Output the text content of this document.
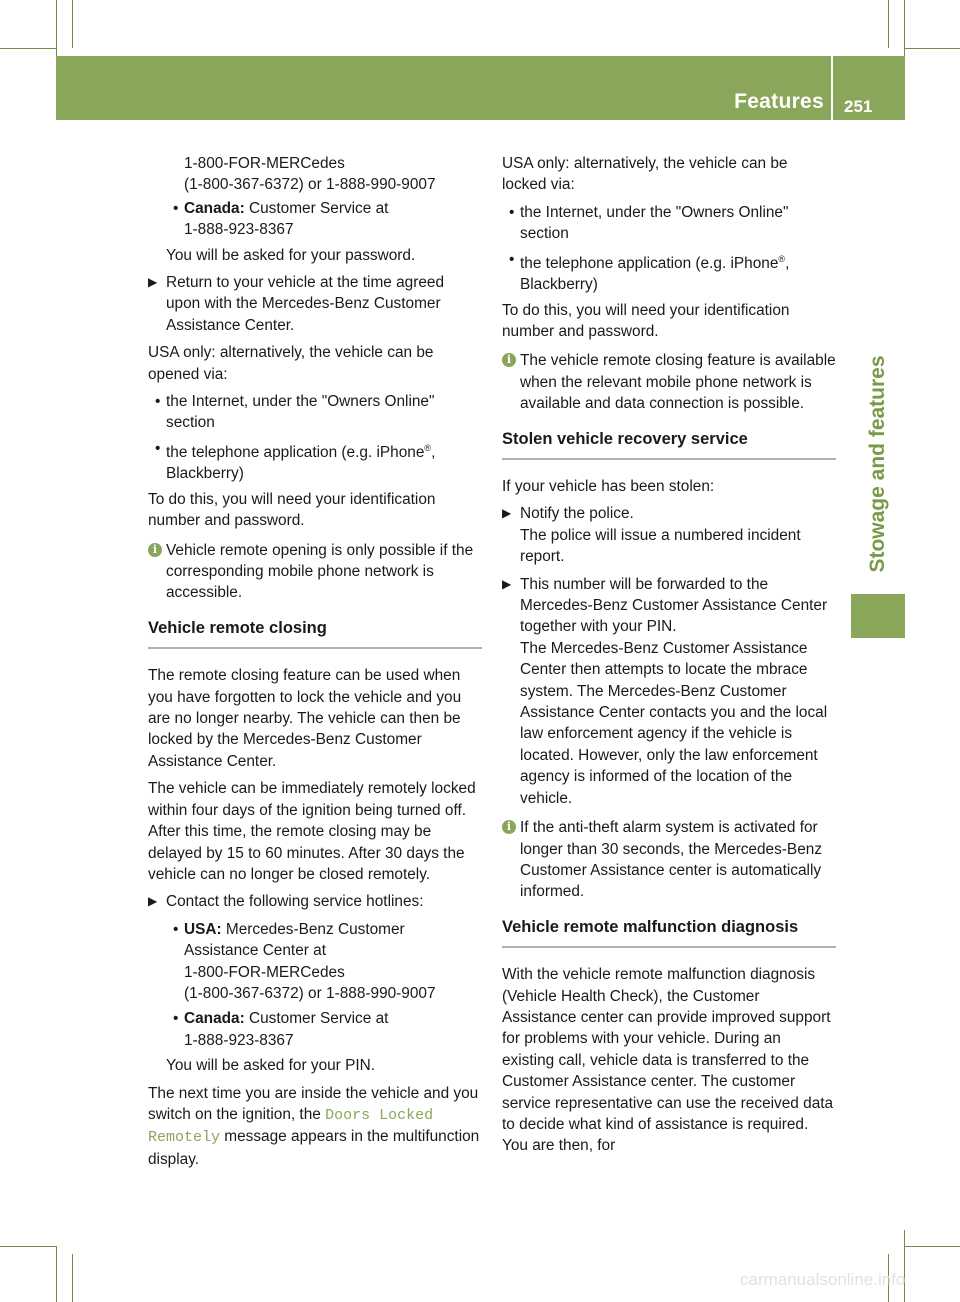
Features 251
Stowage and features

1-800-FOR-MERCedes
(1-800-367-6372) or 1-888-990-9007

• Canada: Customer Service at
1-888-923-8367

You will be asked for your password.

▶ Return to your vehicle at the time agreed upon with the Mercedes-Benz Customer Assistance Center.

USA only: alternatively, the vehicle can be opened via:

• the Internet, under the "Owners Online" section
• the telephone application (e.g. iPhone®, Blackberry)

To do this, you will need your identification number and password.

i Vehicle remote opening is only possible if the corresponding mobile phone network is accessible.
Vehicle remote closing

The remote closing feature can be used when you have forgotten to lock the vehicle and you are no longer nearby. The vehicle can then be locked by the Mercedes-Benz Customer Assistance Center.

The vehicle can be immediately remotely locked within four days of the ignition being turned off. After this time, the remote closing may be delayed by 15 to 60 minutes. After 30 days the vehicle can no longer be closed remotely.

▶ Contact the following service hotlines:
• USA: Mercedes-Benz Customer Assistance Center at
1-800-FOR-MERCedes
(1-800-367-6372) or 1-888-990-9007
• Canada: Customer Service at
1-888-923-8367

You will be asked for your PIN.

The next time you are inside the vehicle and you switch on the ignition, the Doors Locked Remotely message appears in the multifunction display.

USA only: alternatively, the vehicle can be locked via:

• the Internet, under the "Owners Online" section
• the telephone application (e.g. iPhone®, Blackberry)

To do this, you will need your identification number and password.

i The vehicle remote closing feature is available when the relevant mobile phone network is available and data connection is possible.
Stolen vehicle recovery service

If your vehicle has been stolen:

▶ Notify the police.
The police will issue a numbered incident report.
▶ This number will be forwarded to the Mercedes-Benz Customer Assistance Center together with your PIN.
The Mercedes-Benz Customer Assistance Center then attempts to locate the mbrace system. The Mercedes-Benz Customer Assistance Center contacts you and the local law enforcement agency if the vehicle is located. However, only the law enforcement agency is informed of the location of the vehicle.
i If the anti-theft alarm system is activated for longer than 30 seconds, the Mercedes-Benz Customer Assistance center is automatically informed.
Vehicle remote malfunction diagnosis

With the vehicle remote malfunction diagnosis (Vehicle Health Check), the Customer Assistance center can provide improved support for problems with your vehicle. During an existing call, vehicle data is transferred to the Customer Assistance center. The customer service representative can use the received data to decide what kind of assistance is required. You are then, for

carmanualsonline.info
